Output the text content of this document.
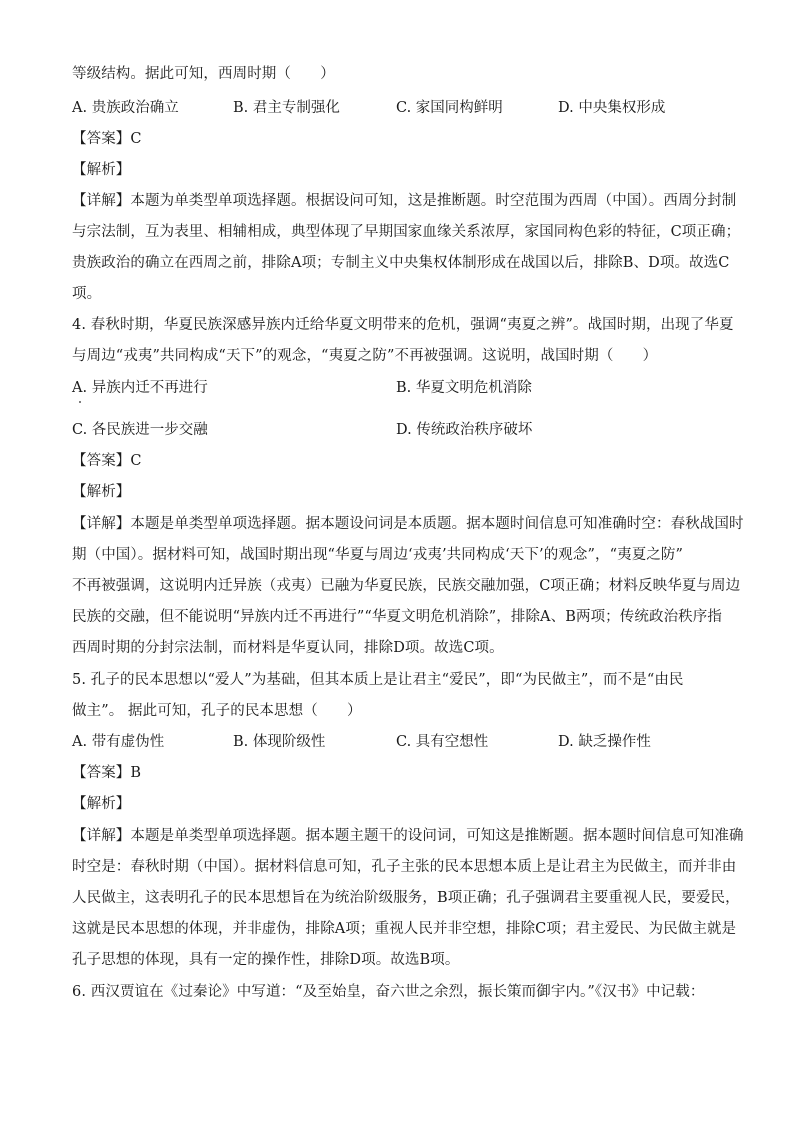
等级结构。据此可知，西周时期（　　）
A. 贵族政治确立	B. 君主专制强化	C. 家国同构鲜明	D. 中央集权形成
【答案】C
【解析】
【详解】本题为单类型单项选择题。根据设问可知，这是推断题。时空范围为西周（中国）。西周分封制
与宗法制，互为表里、相辅相成，典型体现了早期国家血缘关系浓厚，家国同构色彩的特征，C项正确；
贵族政治的确立在西周之前，排除A项；专制主义中央集权体制形成在战国以后，排除B、D项。故选C
项。
4. 春秋时期，华夏民族深感异族内迁给华夏文明带来的危机，强调“夷夏之辨”。战国时期，出现了华夏
与周边“戎夷”共同构成“天下”的观念，“夷夏之防”不再被强调。这说明，战国时期（　　）
A. 异族内迁不再进行	B. 华夏文明危机消除
C. 各民族进一步交融	D. 传统政治秩序破坏
【答案】C
【解析】
【详解】本题是单类型单项选择题。据本题设问词是本质题。据本题时间信息可知准确时空：春秋战国时
期（中国）。据材料可知，战国时期出现“华夏与周边‘戎夷’共同构成‘天下’的观念”，“夷夏之防”
不再被强调，这说明内迁异族（戎夷）已融为华夏民族，民族交融加强，C项正确；材料反映华夏与周边
民族的交融，但不能说明“异族内迁不再进行”“华夏文明危机消除”，排除A、B两项；传统政治秩序指
西周时期的分封宗法制，而材料是华夏认同，排除D项。故选C项。
5. 孔子的民本思想以“爱人”为基础，但其本质上是让君主“爱民”，即“为民做主”，而不是“由民
做主”。 据此可知，孔子的民本思想（　　）
A. 带有虚伪性	B. 体现阶级性	C. 具有空想性	D. 缺乏操作性
【答案】B
【解析】
【详解】本题是单类型单项选择题。据本题主题干的设问词，可知这是推断题。据本题时间信息可知准确
时空是：春秋时期（中国）。据材料信息可知，孔子主张的民本思想本质上是让君主为民做主，而并非由
人民做主，这表明孔子的民本思想旨在为统治阶级服务，B项正确；孔子强调君主要重视人民，要爱民，
这就是民本思想的体现，并非虚伪，排除A项；重视人民并非空想，排除C项；君主爱民、为民做主就是
孔子思想的体现，具有一定的操作性，排除D项。故选B项。
6. 西汉贾谊在《过秦论》中写道：“及至始皇，奋六世之余烈，振长策而御宇内。”《汉书》中记载：
